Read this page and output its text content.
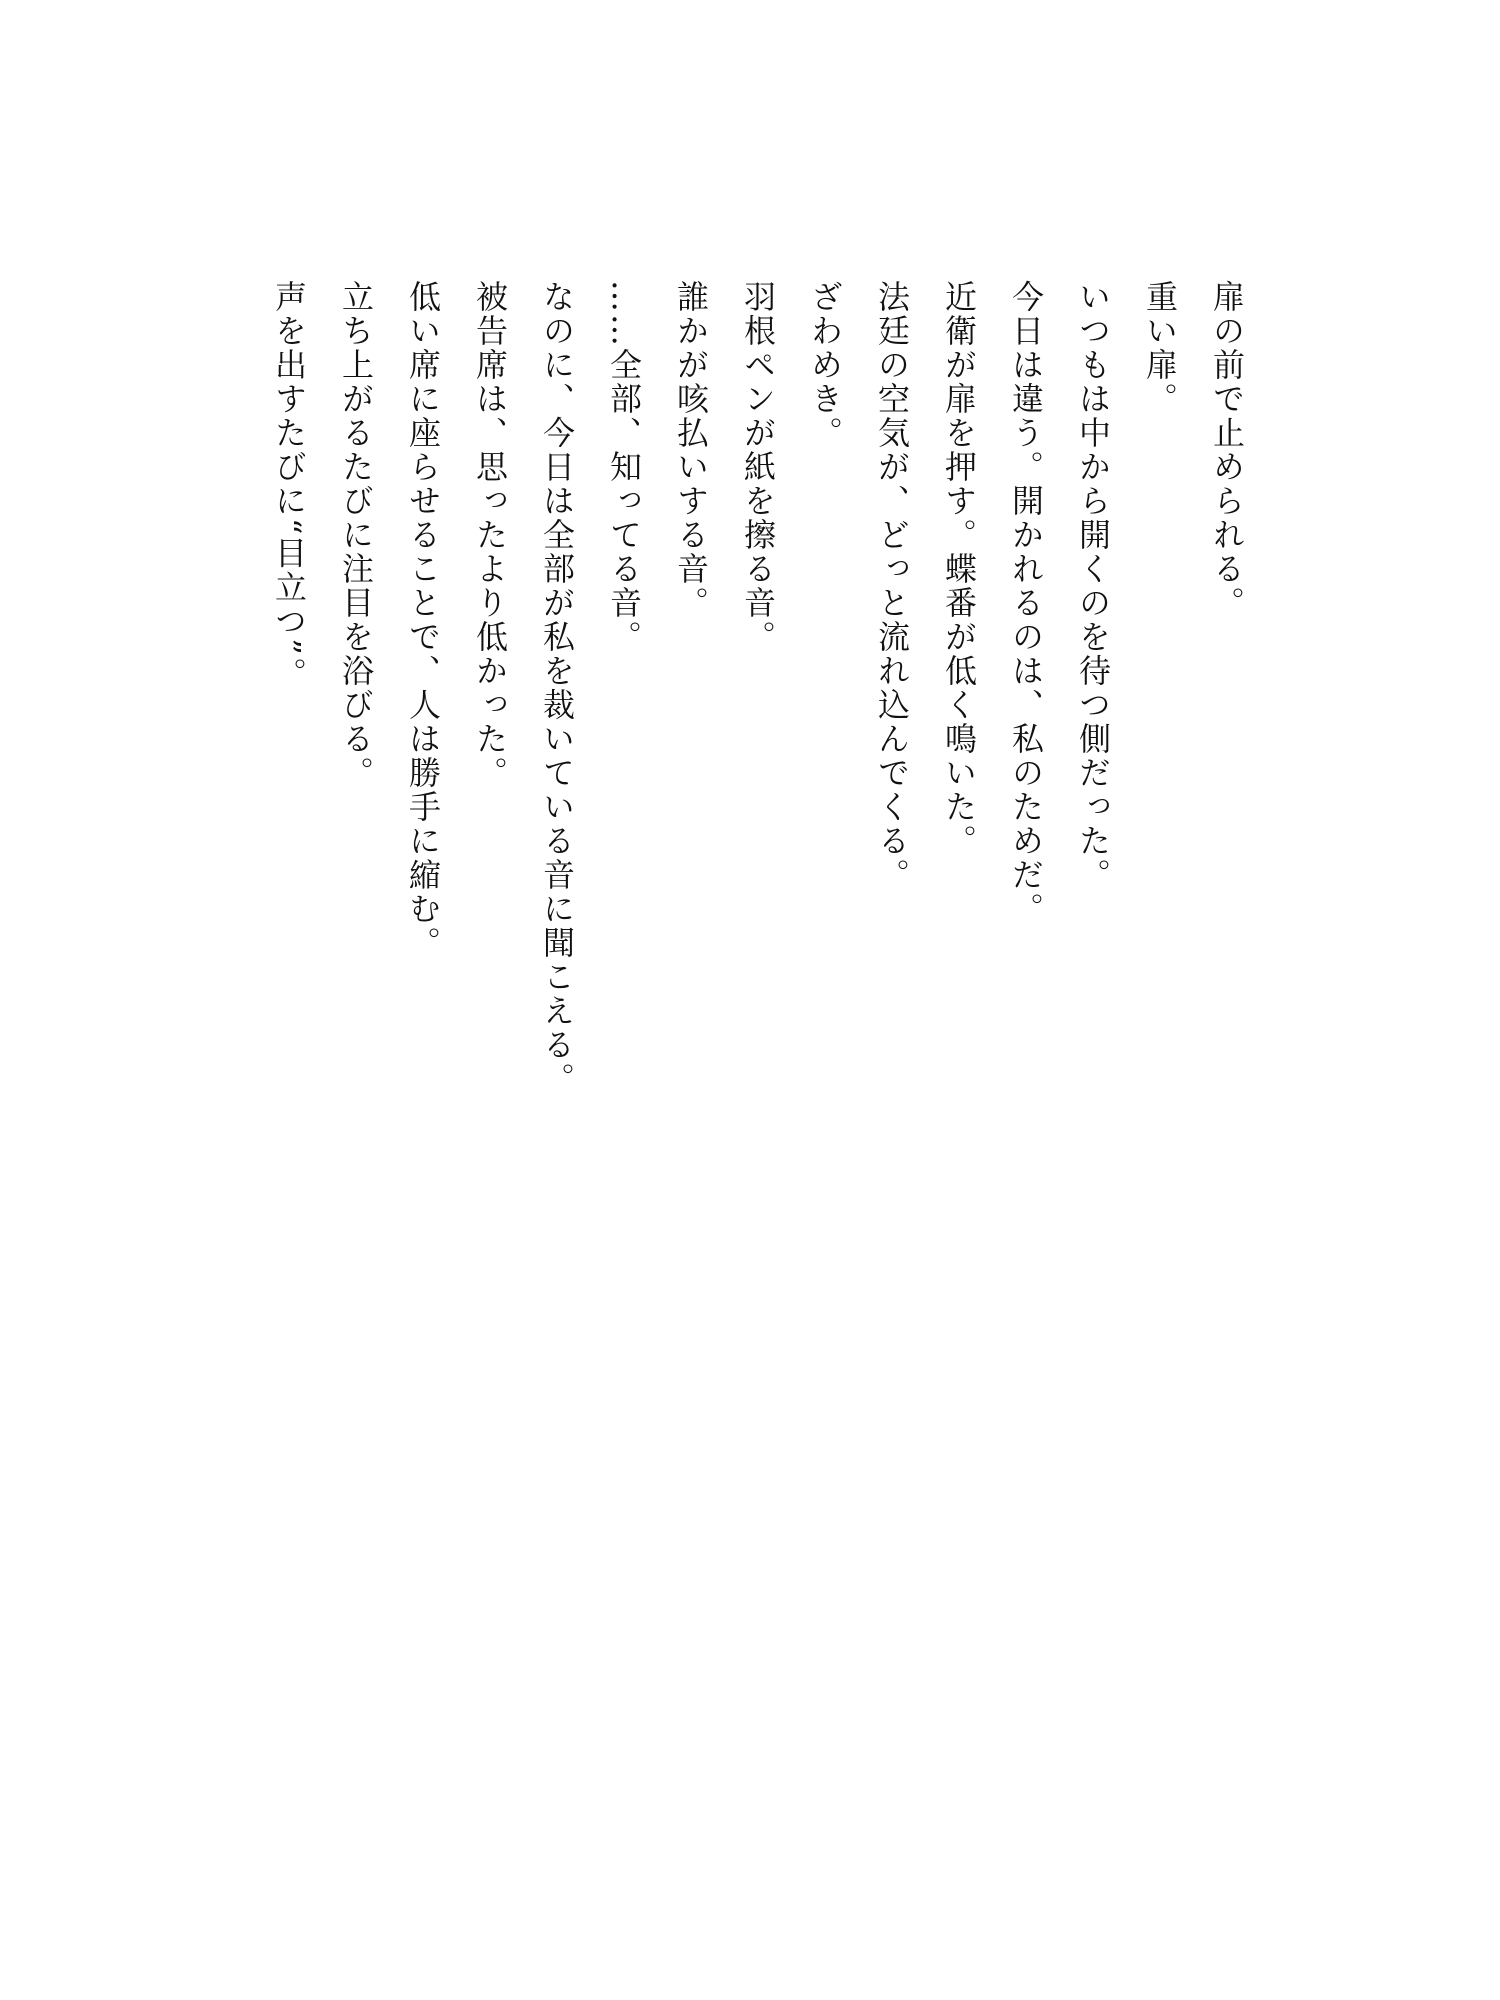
扉の前で止められる。
重い扉。
いつもは中から開くのを待つ側だった。
今日は違う。開かれるのは、私のためだ。
近衛が扉を押す。蝶番が低く鳴いた。
法廷の空気が、どっと流れ込んでくる。
ざわめき。
羽根ペンが紙を擦る音。
誰かが咳払いする音。
……全部、知ってる音。
なのに、今日は全部が私を裁いている音に聞こえる。
被告席は、思ったより低かった。
低い席に座らせることで、人は勝手に縮む。
立ち上がるたびに注目を浴びる。
声を出すたびに“目立つ”。
